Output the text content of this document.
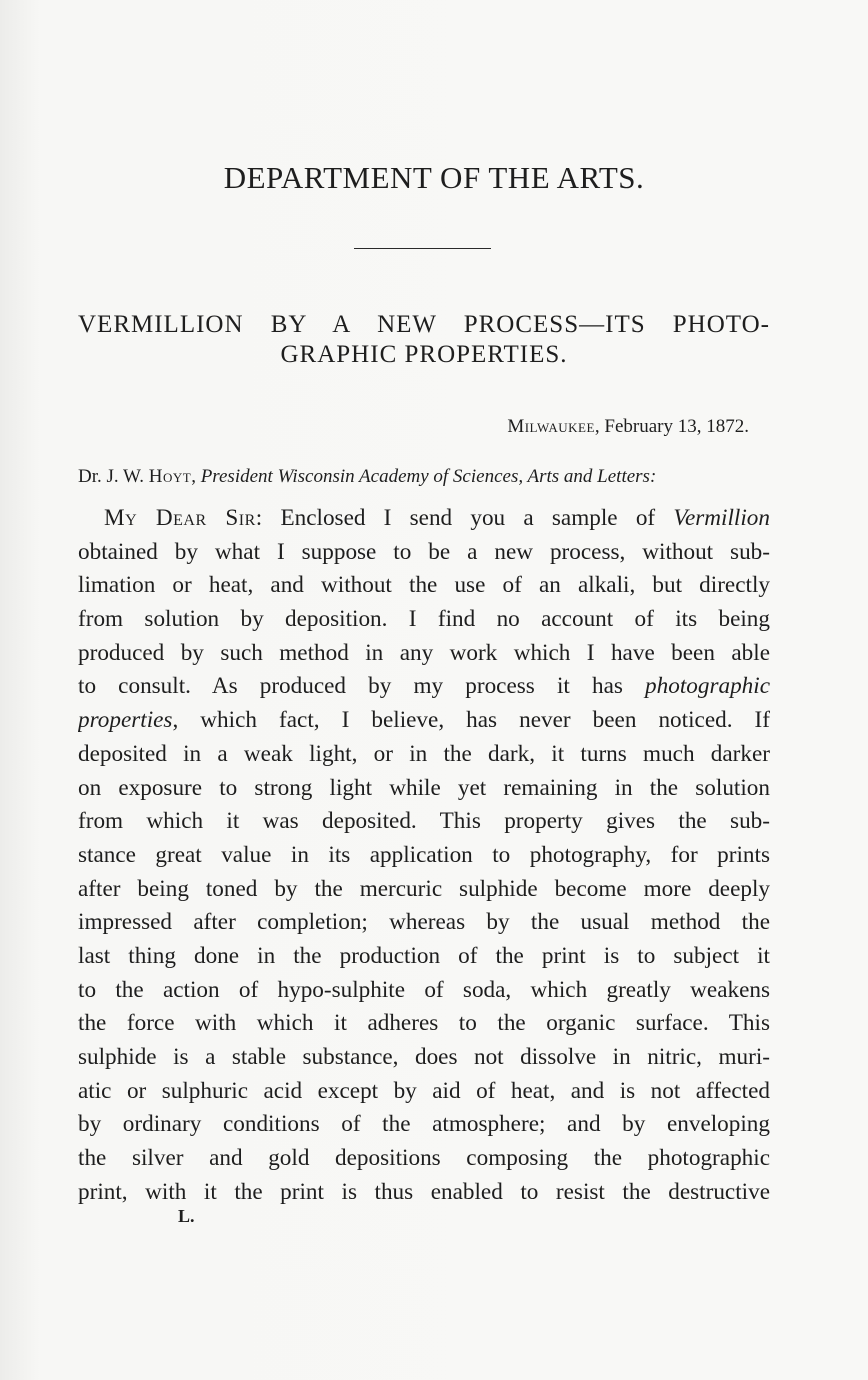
DEPARTMENT OF THE ARTS.
VERMILLION BY A NEW PROCESS—ITS PHOTO-
GRAPHIC PROPERTIES.
Milwaukee, February 13, 1872.
Dr. J. W. Hoyt, President Wisconsin Academy of Sciences, Arts and Letters:
My Dear Sir: Enclosed I send you a sample of Vermillion
obtained by what I suppose to be a new process, without sub-
limation or heat, and without the use of an alkali, but directly
from solution by deposition. I find no account of its being
produced by such method in any work which I have been able
to consult. As produced by my process it has photographic
properties, which fact, I believe, has never been noticed. If
deposited in a weak light, or in the dark, it turns much darker
on exposure to strong light while yet remaining in the solution
from which it was deposited. This property gives the sub-
stance great value in its application to photography, for prints
after being toned by the mercuric sulphide become more deeply
impressed after completion; whereas by the usual method the
last thing done in the production of the print is to subject it
to the action of hypo-sulphite of soda, which greatly weakens
the force with which it adheres to the organic surface. This
sulphide is a stable substance, does not dissolve in nitric, muri-
atic or sulphuric acid except by aid of heat, and is not affected
by ordinary conditions of the atmosphere; and by enveloping
the silver and gold depositions composing the photographic
print, with it the print is thus enabled to resist the destructive
L.
